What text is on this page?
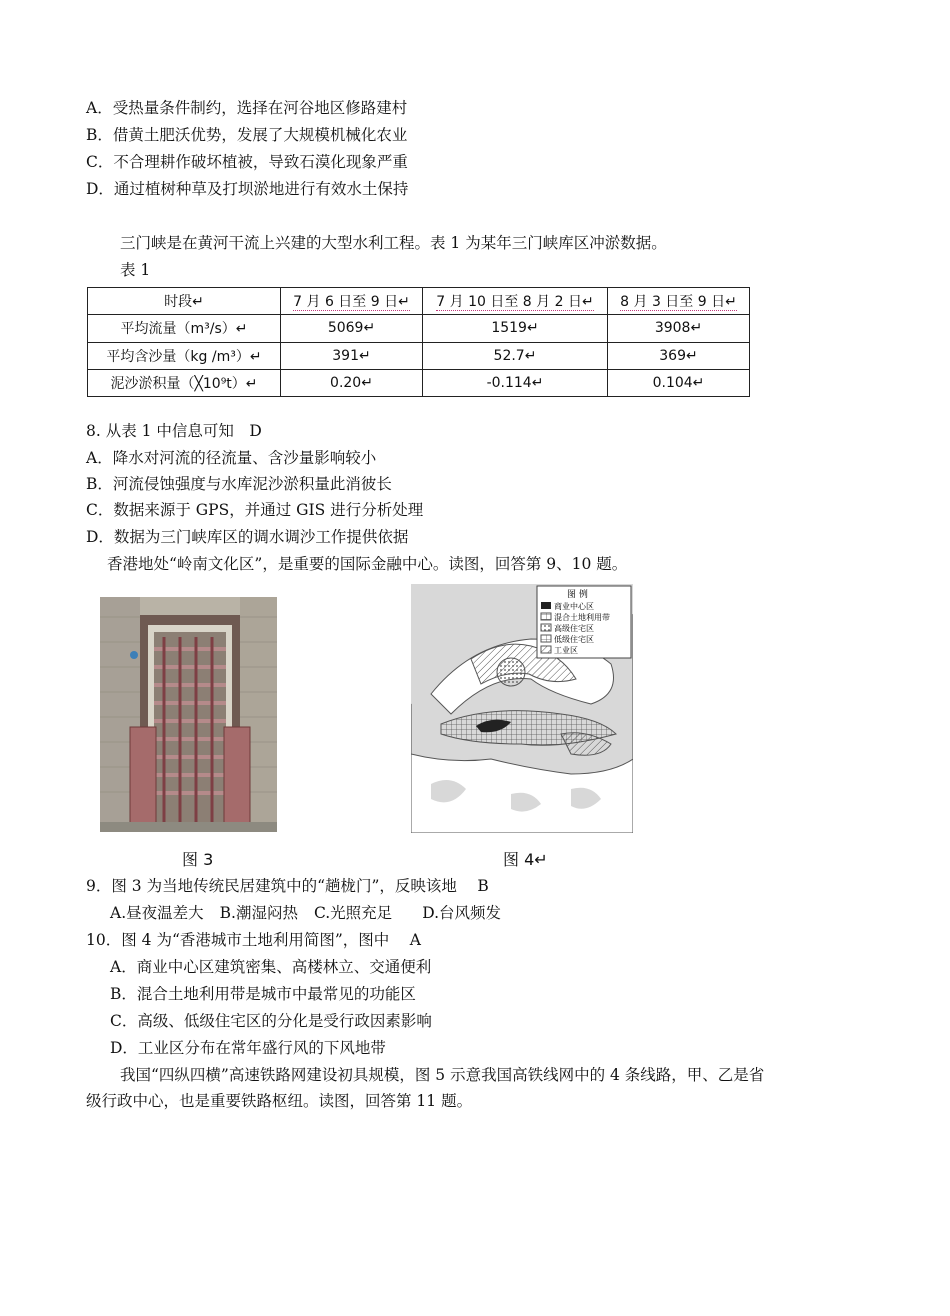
A．受热量条件制约，选择在河谷地区修路建村
B．借黄土肥沃优势，发展了大规模机械化农业
C．不合理耕作破坏植被，导致石漠化现象严重
D．通过植树种草及打坝淤地进行有效水土保持
三门峡是在黄河干流上兴建的大型水利工程。表 1 为某年三门峡库区冲淤数据。
表 1
时段↵	7 月 6 日至 9 日↵	7 月 10 日至 8 月 2 日↵	8 月 3 日至 9 日↵
平均流量（m³/s）↵	5069↵	1519↵	3908↵
平均含沙量（kg /m³）↵	391↵	52.7↵	369↵
泥沙淤积量（╳10⁹t）↵	0.20↵	-0.114↵	0.104↵
8. 从表 1 中信息可知　D
A．降水对河流的径流量、含沙量影响较小
B．河流侵蚀强度与水库泥沙淤积量此消彼长
C．数据来源于 GPS，并通过 GIS 进行分析处理
D．数据为三门峡库区的调水调沙工作提供依据
香港地处“岭南文化区”，是重要的国际金融中心。读图，回答第 9、10 题。
图 3
图 例
商业中心区
混合土地利用带
高级住宅区
低级住宅区
工业区
图 4↵
9．图 3 为当地传统民居建筑中的“趟栊门”，反映该地　 B
A.昼夜温差大 B.潮湿闷热 C.光照充足 D.台风频发
10．图 4 为“香港城市土地利用简图”，图中　 A
A．商业中心区建筑密集、高楼林立、交通便利
B．混合土地利用带是城市中最常见的功能区
C．高级、低级住宅区的分化是受行政因素影响
D．工业区分布在常年盛行风的下风地带
我国“四纵四横”高速铁路网建设初具规模，图 5 示意我国高铁线网中的 4 条线路，甲、乙是省
级行政中心，也是重要铁路枢纽。读图，回答第 11 题。
